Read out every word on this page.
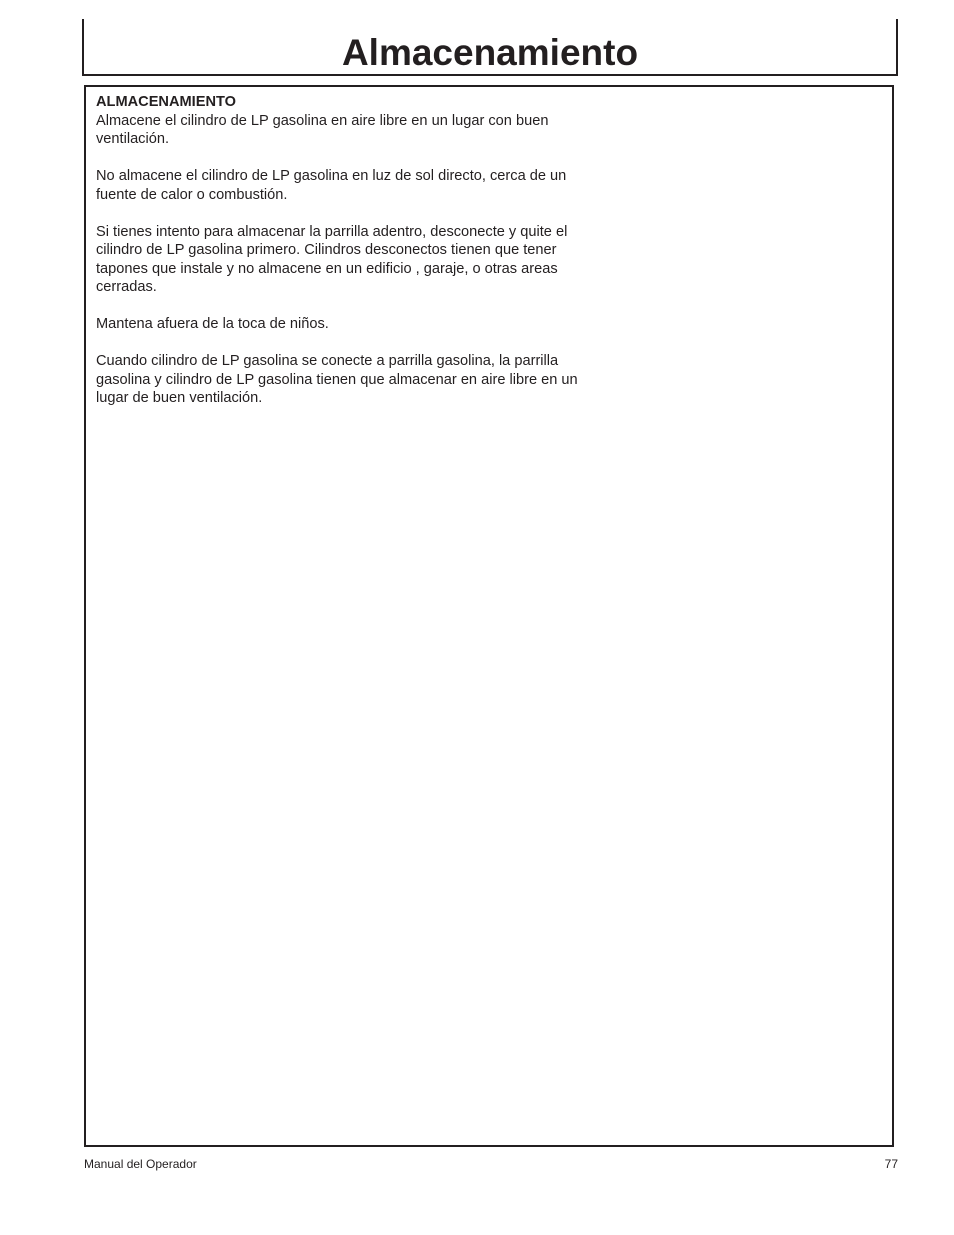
Almacenamiento
ALMACENAMIENTO

Almacene el cilindro de LP gasolina en aire libre en un lugar con buen
ventilación.

No almacene el cilindro de LP gasolina en luz de sol directo, cerca de un
fuente de calor o combustión.

Si tienes intento para almacenar la parrilla adentro, desconecte y quite el
cilindro de LP gasolina primero. Cilindros desconectos tienen que tener
tapones que instale y no almacene en un edificio , garaje, o otras areas
cerradas.

Mantena afuera de la toca de niños.

Cuando cilindro de LP gasolina se conecte a parrilla gasolina, la parrilla
gasolina y cilindro de LP gasolina tienen que almacenar en aire libre en un
lugar de buen ventilación.

Manual del Operador	77
